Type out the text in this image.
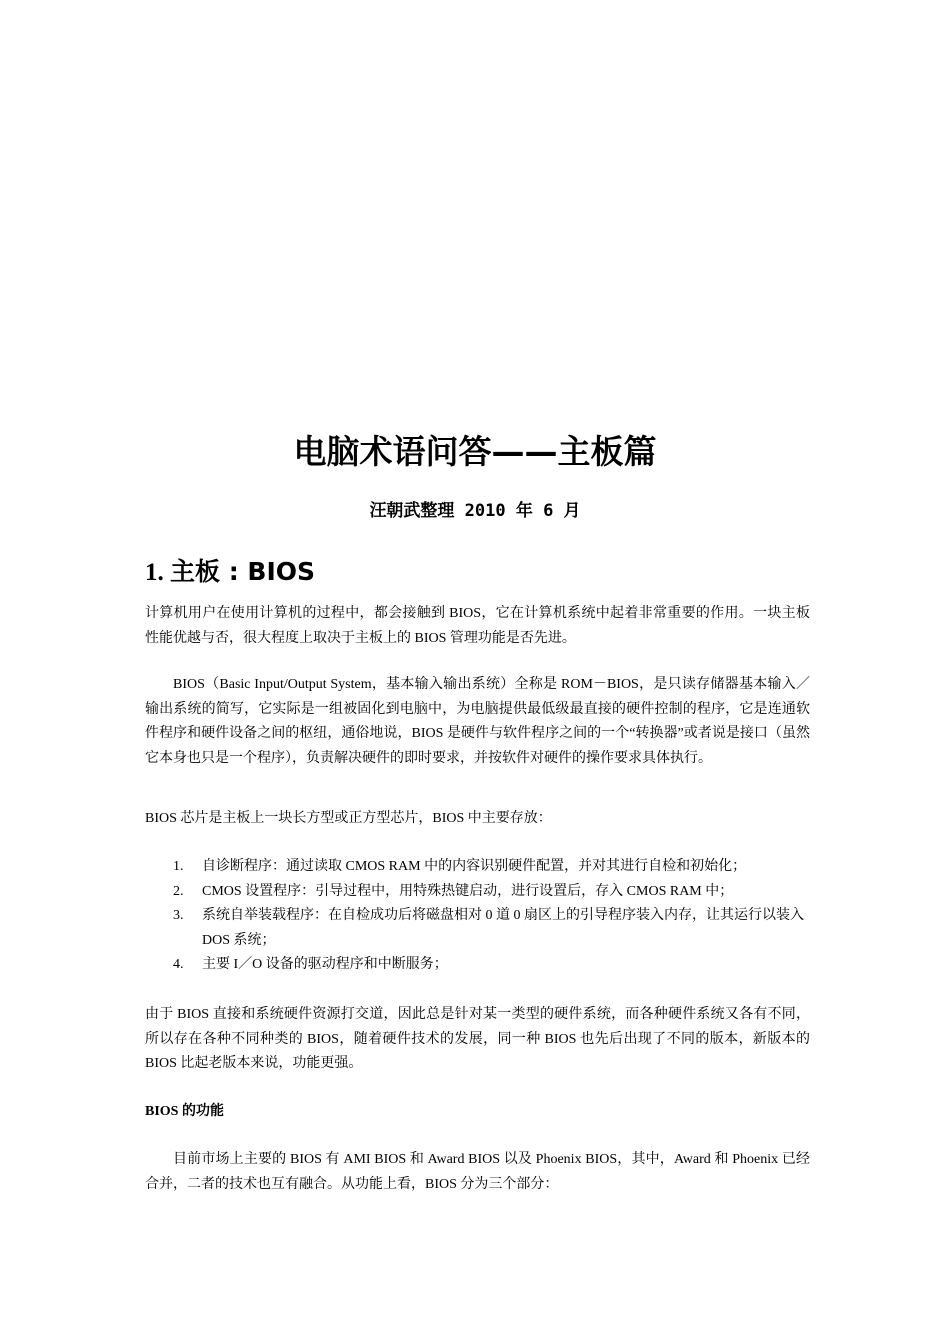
电脑术语问答——主板篇
汪朝武整理 2010 年 6 月
1. 主板 : BIOS

计算机用户在使用计算机的过程中，都会接触到 BIOS，它在计算机系统中起着非常重要的作用。一块主板性能优越与否，很大程度上取决于主板上的 BIOS 管理功能是否先进。

BIOS（Basic Input/Output System，基本输入输出系统）全称是 ROM－BIOS，是只读存储器基本输入／输出系统的简写，它实际是一组被固化到电脑中，为电脑提供最低级最直接的硬件控制的程序，它是连通软件程序和硬件设备之间的枢纽，通俗地说，BIOS 是硬件与软件程序之间的一个“转换器”或者说是接口（虽然它本身也只是一个程序），负责解决硬件的即时要求，并按软件对硬件的操作要求具体执行。

BIOS 芯片是主板上一块长方型或正方型芯片，BIOS 中主要存放：

1. 自诊断程序：通过读取 CMOS RAM 中的内容识别硬件配置，并对其进行自检和初始化；
2. CMOS 设置程序：引导过程中，用特殊热键启动，进行设置后，存入 CMOS RAM 中；
3. 系统自举装载程序：在自检成功后将磁盘相对 0 道 0 扇区上的引导程序装入内存，让其运行以装入 DOS 系统；
4. 主要 I／O 设备的驱动程序和中断服务；

由于 BIOS 直接和系统硬件资源打交道，因此总是针对某一类型的硬件系统，而各种硬件系统又各有不同，所以存在各种不同种类的 BIOS，随着硬件技术的发展，同一种 BIOS 也先后出现了不同的版本，新版本的 BIOS 比起老版本来说，功能更强。

BIOS 的功能

目前市场上主要的 BIOS 有 AMI BIOS 和 Award BIOS 以及 Phoenix BIOS，其中，Award 和 Phoenix 已经合并，二者的技术也互有融合。从功能上看，BIOS 分为三个部分：
